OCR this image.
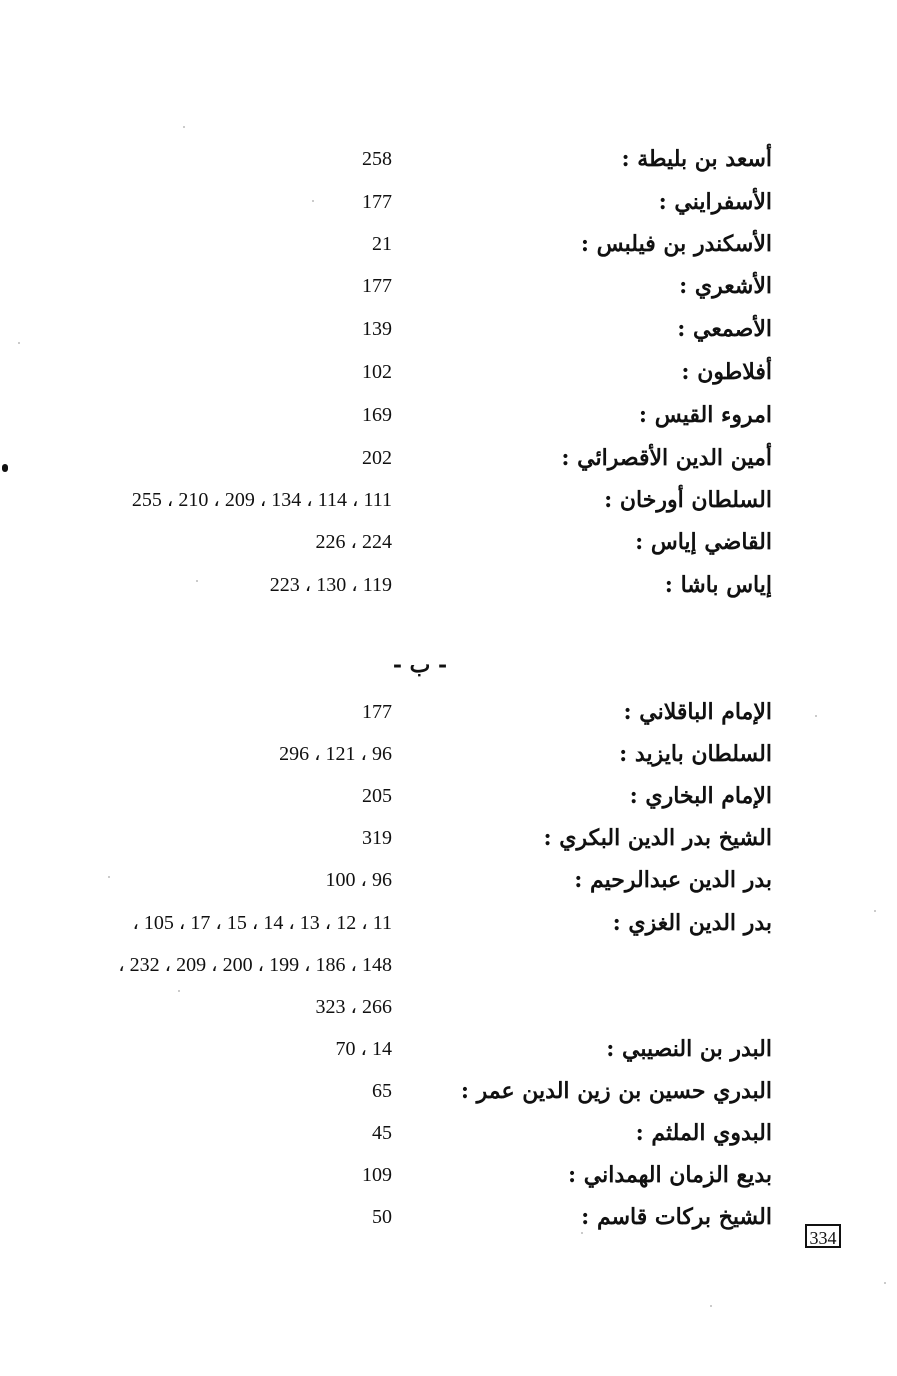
أسعد بن بليطة :
258
الأسفرايني :
177
الأسكندر بن فيلبس :
21
الأشعري :
177
الأصمعي :
139
أفلاطون :
102
امروء القيس :
169
أمين الدين الأقصرائي :
202
السلطان أورخان :
111 ، 114 ، 134 ، 209 ، 210 ، 255
القاضي إياس :
224 ، 226
إياس باشا :
119 ، 130 ، 223
- ب -
الإمام الباقلاني :
177
السلطان بايزيد :
96 ، 121 ، 296
الإمام البخاري :
205
الشيخ بدر الدين البكري :
319
بدر الدين عبدالرحيم :
96 ، 100
بدر الدين الغزي :
11 ، 12 ، 13 ، 14 ، 15 ، 17 ، 105 ،
148 ، 186 ، 199 ، 200 ، 209 ، 232 ،
266 ، 323
البدر بن النصيبي :
14 ، 70
البدري حسين بن زين الدين عمر :
65
البدوي الملثم :
45
بديع الزمان الهمداني :
109
الشيخ بركات قاسم :
50
334
